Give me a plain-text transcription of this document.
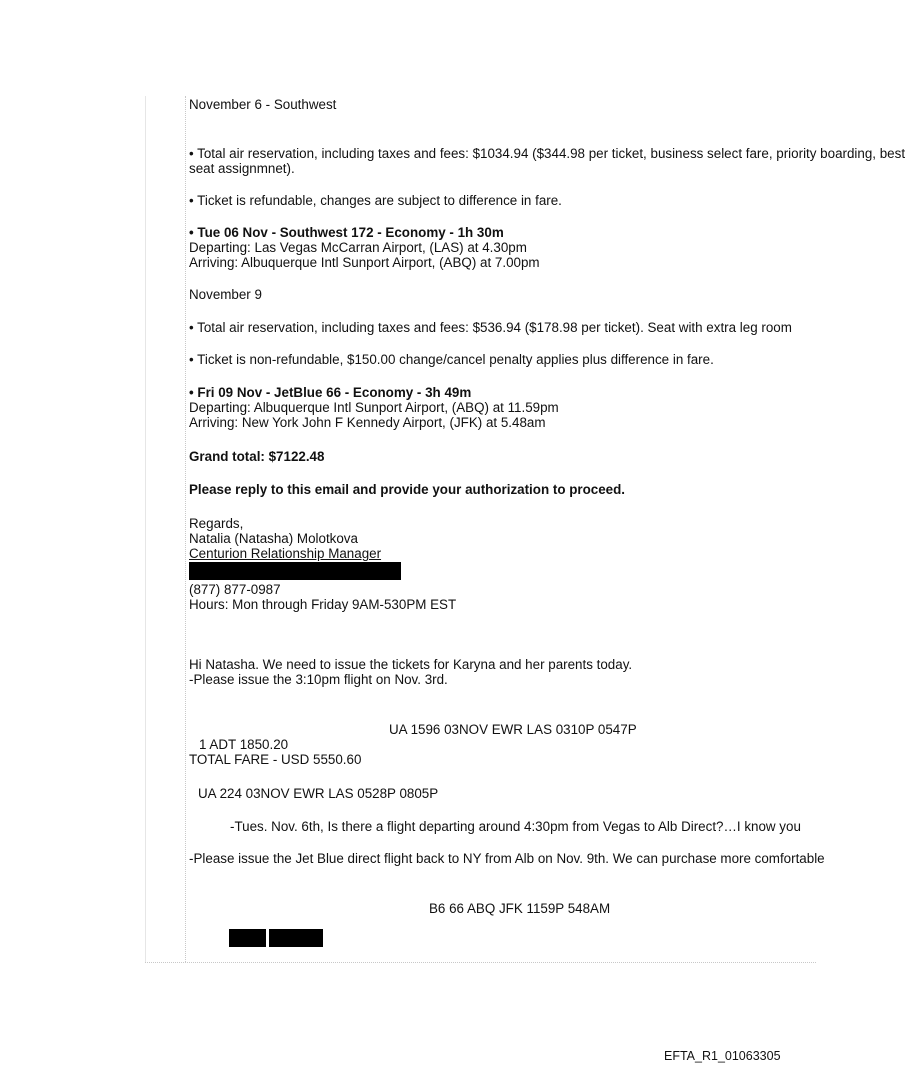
November 6 - Southwest
• Total air reservation, including taxes and fees: $1034.94 ($344.98 per ticket, business select fare, priority boarding, best
seat assignmnet).
• Ticket is refundable, changes are subject to difference in fare.
• Tue 06 Nov - Southwest 172 - Economy - 1h 30m
Departing: Las Vegas McCarran Airport, (LAS) at 4.30pm
Arriving: Albuquerque Intl Sunport Airport, (ABQ) at 7.00pm
November 9
• Total air reservation, including taxes and fees: $536.94 ($178.98 per ticket). Seat with extra leg room
• Ticket is non-refundable, $150.00 change/cancel penalty applies plus difference in fare.
• Fri 09 Nov - JetBlue 66 - Economy - 3h 49m
Departing: Albuquerque Intl Sunport Airport, (ABQ) at 11.59pm
Arriving: New York John F Kennedy Airport, (JFK) at 5.48am
Grand total: $7122.48
Please reply to this email and provide your authorization to proceed.
Regards,
Natalia (Natasha) Molotkova
Centurion Relationship Manager
(877) 877-0987
Hours: Mon through Friday 9AM-530PM EST
Hi Natasha. We need to issue the tickets for Karyna and her parents today.
-Please issue the 3:10pm flight on Nov. 3rd.
UA 1596 03NOV EWR LAS 0310P 0547P
1 ADT 1850.20
TOTAL FARE - USD 5550.60
UA 224 03NOV EWR LAS 0528P 0805P
-Tues. Nov. 6th, Is there a flight departing around 4:30pm from Vegas to Alb Direct?…I know you
-Please issue the Jet Blue direct flight back to NY from Alb on Nov. 9th. We can purchase more comfortable
B6 66 ABQ JFK 1159P 548AM
EFTA_R1_01063305
